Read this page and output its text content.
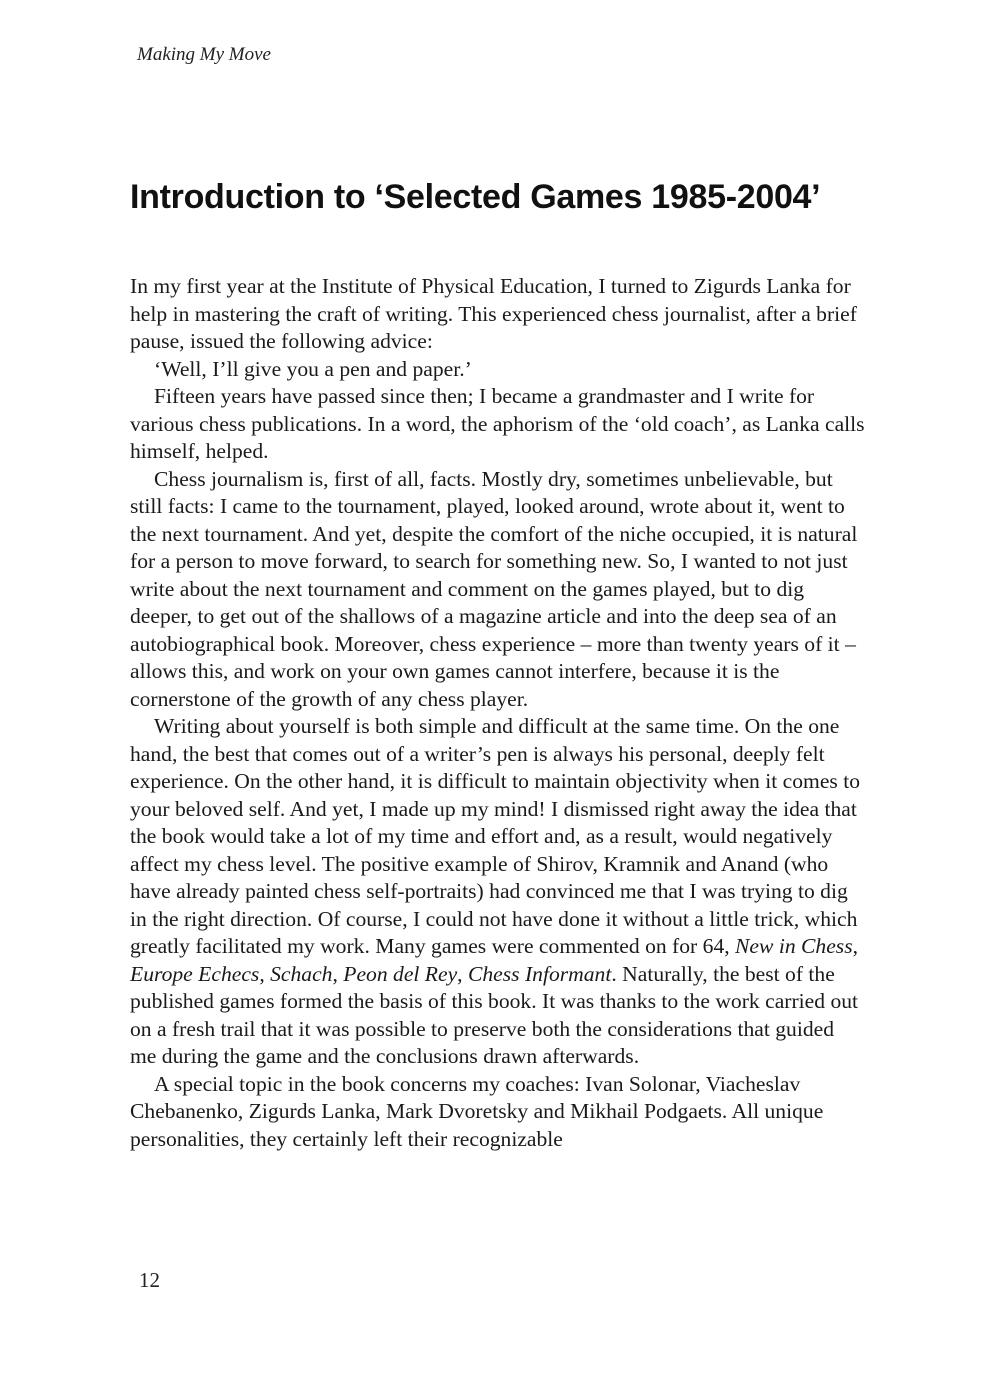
Making My Move

Introduction to ‘Selected Games 1985-2004’

In my first year at the Institute of Physical Education, I turned to Zigurds Lanka for help in mastering the craft of writing. This experienced chess journalist, after a brief pause, issued the following advice:

‘Well, I’ll give you a pen and paper.’

Fifteen years have passed since then; I became a grandmaster and I write for various chess publications. In a word, the aphorism of the ‘old coach’, as Lanka calls himself, helped.

Chess journalism is, first of all, facts. Mostly dry, sometimes unbelievable, but still facts: I came to the tournament, played, looked around, wrote about it, went to the next tournament. And yet, despite the comfort of the niche occupied, it is natural for a person to move forward, to search for something new. So, I wanted to not just write about the next tournament and comment on the games played, but to dig deeper, to get out of the shallows of a magazine article and into the deep sea of an autobiographical book. Moreover, chess experience – more than twenty years of it – allows this, and work on your own games cannot interfere, because it is the cornerstone of the growth of any chess player.

Writing about yourself is both simple and difficult at the same time. On the one hand, the best that comes out of a writer’s pen is always his personal, deeply felt experience. On the other hand, it is difficult to maintain objectivity when it comes to your beloved self. And yet, I made up my mind! I dismissed right away the idea that the book would take a lot of my time and effort and, as a result, would negatively affect my chess level. The positive example of Shirov, Kramnik and Anand (who have already painted chess self-portraits) had convinced me that I was trying to dig in the right direction. Of course, I could not have done it without a little trick, which greatly facilitated my work. Many games were commented on for 64, New in Chess, Europe Echecs, Schach, Peon del Rey, Chess Informant. Naturally, the best of the published games formed the basis of this book. It was thanks to the work carried out on a fresh trail that it was possible to preserve both the considerations that guided me during the game and the conclusions drawn afterwards.

A special topic in the book concerns my coaches: Ivan Solonar, Viacheslav Chebanenko, Zigurds Lanka, Mark Dvoretsky and Mikhail Podgaets. All unique personalities, they certainly left their recognizable

12
